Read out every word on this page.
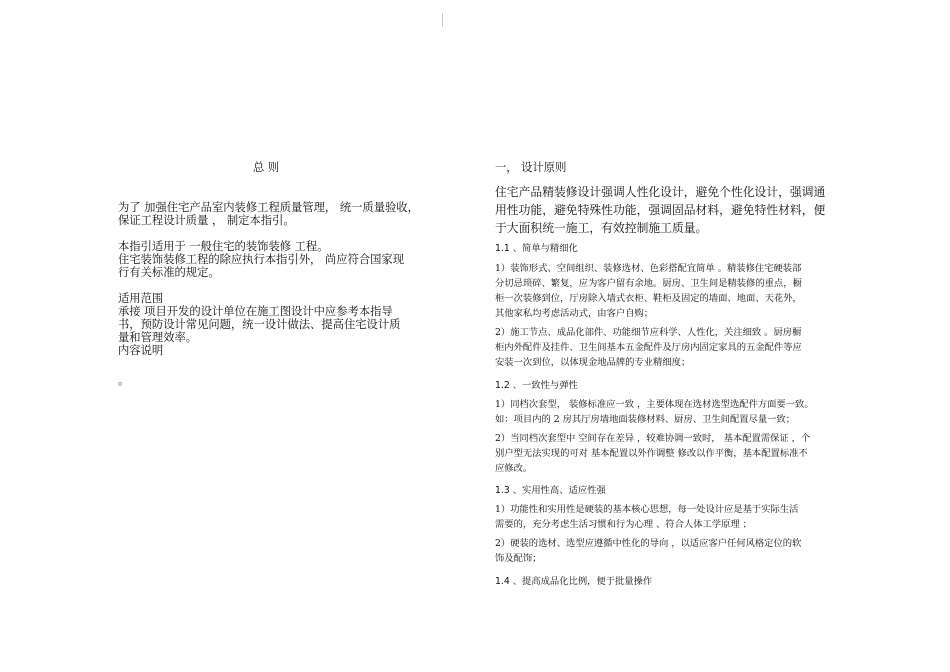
总 则
为了 加强住宅产品室内装修工程质量管理， 统一质量验收，
保证工程设计质量 ， 制定本指引。
本指引适用于 一般住宅的装饰装修 工程。
住宅装饰装修工程的除应执行本指引外， 尚应符合国家现
行有关标准的规定。
适用范围
承接 项目开发的设计单位在施工图设计中应参考本指导
书，预防设计常见问题，统一设计做法、提高住宅设计质
量和管理效率。
内容说明
。
一， 设计原则
住宅产品精装修设计强调人性化设计，避免个性化设计，强调通
用性功能，避免特殊性功能，强调固品材料，避免特性材料，便
于大面积统一施工，有效控制施工质量。
1.1 、简单与精细化
1）装饰形式、空间组织、装修选材、色彩搭配宜简单 。精装修住宅硬装部
分切忌琐碎、繁复，应为客户留有余地。厨房、卫生间是精装修的重点，橱
柜一次装修到位，厅房除入墙式衣柜、鞋柜及固定的墙面、地面、天花外，
其他家私均考虑活动式，由客户自购；
2）施工节点、成品化部件、功能细节应科学、人性化，关注细致 。厨房橱
柜内外配件及挂件、卫生间基本五金配件及厅房内固定家具的五金配件等应
安装一次到位，以体现金地品牌的专业精细度；
1.2 、一致性与弹性
1）同档次套型， 装修标准应一致 ，主要体现在选材选型选配件方面要一致。
如：项目内的 2 房其厅房墙地面装修材料、厨房、卫生间配置尽量一致；
2）当同档次套型中 空间存在差异 ，较难协调一致时， 基本配置需保证 ，个
别户型无法实现的可对 基本配置以外作调整 修改以作平衡，基本配置标准不
应修改。
1.3 、实用性高、适应性强
1）功能性和实用性是硬装的基本核心思想，每一处设计应是基于实际生活
需要的，充分考虑生活习惯和行为心理 、符合人体工学原理 ；
2）硬装的选材、选型应遵循中性化的导向 ，以适应客户任何风格定位的软
饰及配饰；
1.4 、提高成品化比例，便于批量操作
